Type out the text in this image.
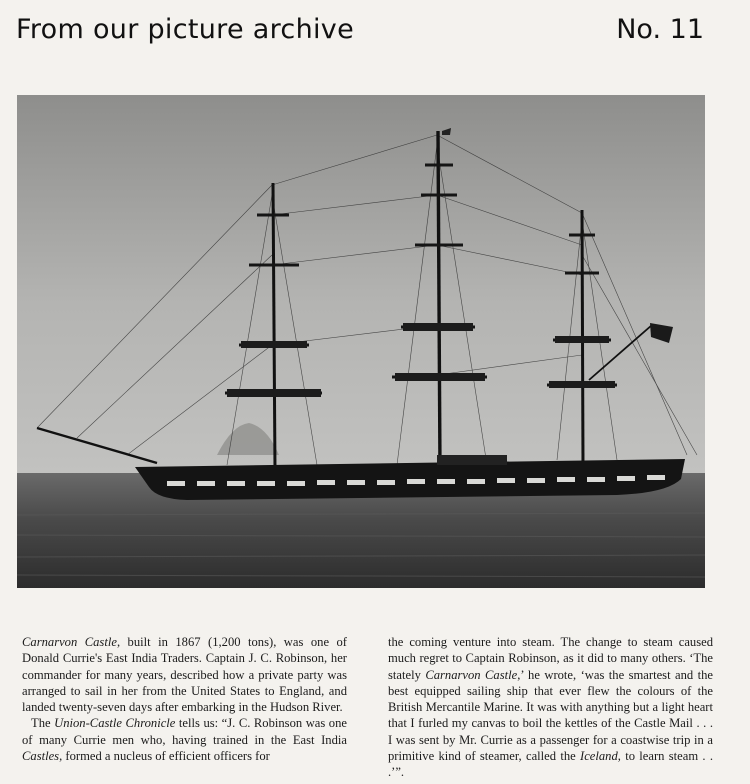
From our picture archive	No. 11

Carnarvon Castle, built in 1867 (1,200 tons), was one of Donald Currie's East India Traders. Captain J. C. Robinson, her commander for many years, described how a private party was arranged to sail in her from the United States to England, and landed twenty-seven days after embarking in the Hudson River.

The Union-Castle Chronicle tells us: “J. C. Robinson was one of many Currie men who, having trained in the East India Castles, formed a nucleus of efficient officers for

the coming venture into steam. The change to steam caused much regret to Captain Robinson, as it did to many others. ‘The stately Carnarvon Castle,’ he wrote, ‘was the smartest and the best equipped sailing ship that ever flew the colours of the British Mercantile Marine. It was with anything but a light heart that I furled my canvas to boil the kettles of the Castle Mail . . . I was sent by Mr. Currie as a passenger for a coastwise trip in a primitive kind of steamer, called the Iceland, to learn steam . . .’”.
